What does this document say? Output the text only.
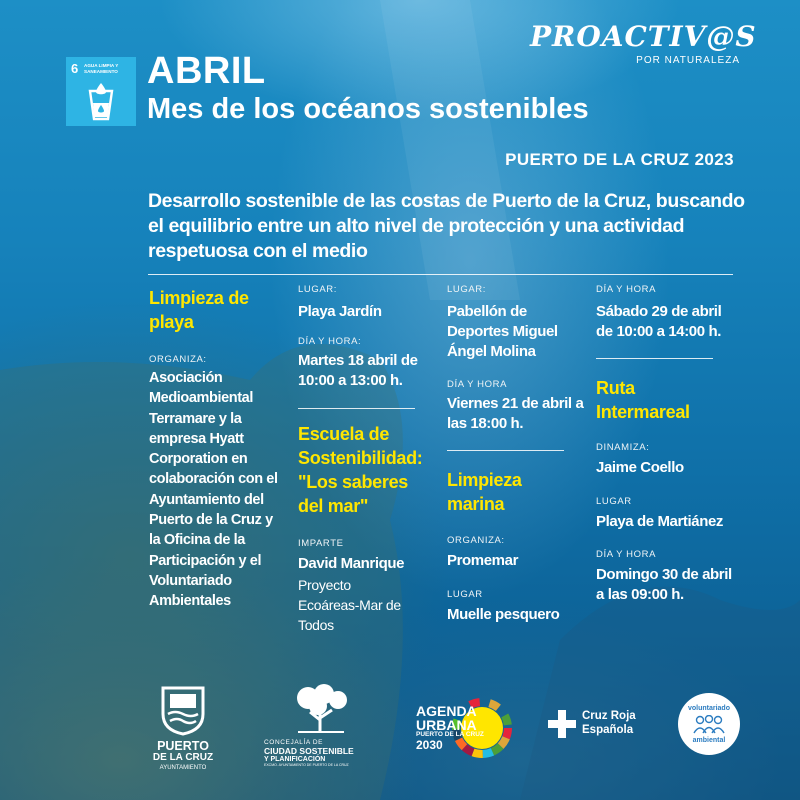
PROACTIV@S
POR NATURALEZA
6 AGUA LIMPIA Y SANEAMIENTO ABRIL
Mes de los océanos sostenibles
PUERTO DE LA CRUZ 2023
Desarrollo sostenible de las costas de Puerto de la Cruz, buscando el equilibrio entre un alto nivel de protección y una actividad respetuosa con el medio
Limpieza de playa
ORGANIZA:
Asociación Medioambiental Terramare y la empresa Hyatt Corporation en colaboración con el Ayuntamiento del Puerto de la Cruz y la Oficina de la Participación y el Voluntariado Ambientales
LUGAR:
Playa Jardín
DÍA Y HORA:
Martes 18 abril de 10:00 a 13:00 h.
Escuela de Sostenibilidad: "Los saberes del mar"
IMPARTE
David Manrique
Proyecto Ecoáreas-Mar de Todos
LUGAR:
Pabellón de Deportes Miguel Ángel Molina
DÍA Y HORA
Viernes 21 de abril a las 18:00 h.
Limpieza marina
ORGANIZA:
Promemar
LUGAR
Muelle pesquero
DÍA Y HORA
Sábado 29 de abril de 10:00 a 14:00 h.
Ruta Intermareal
DINAMIZA:
Jaime Coello
LUGAR
Playa de Martiánez
DÍA Y HORA
Domingo 30 de abril a las 09:00 h.
PUERTO
DE LA CRUZ
AYUNTAMIENTO
CONCEJALÍA DE
CIUDAD SOSTENIBLE
Y PLANIFICACIÓN
EXCMO. AYUNTAMIENTO DE PUERTO DE LA CRUZ
AGENDA
URBANA
PUERTO DE LA CRUZ
2030
Cruz Roja
Española
voluntariado
ambiental
